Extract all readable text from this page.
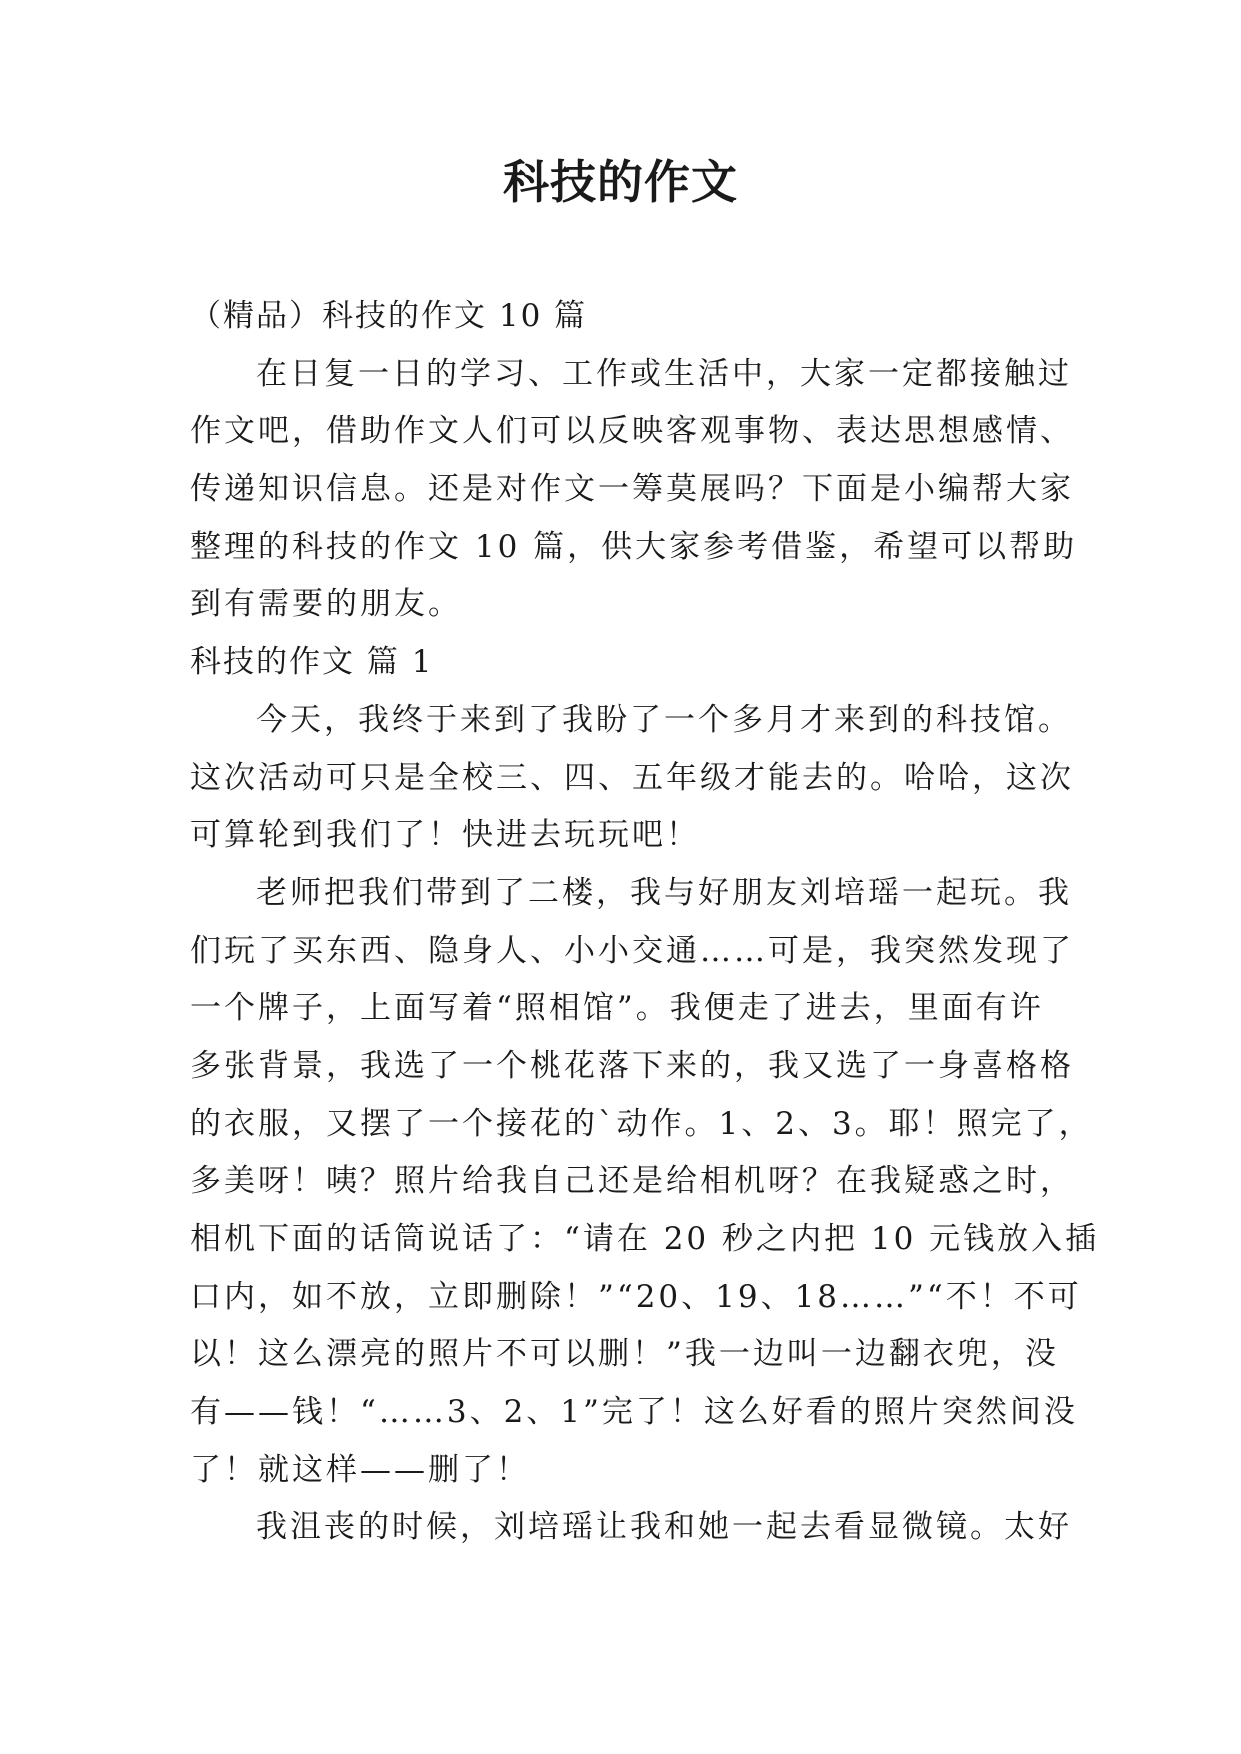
科技的作文
（精品）科技的作文 10 篇
在日复一日的学习、工作或生活中，大家一定都接触过
作文吧，借助作文人们可以反映客观事物、表达思想感情、
传递知识信息。还是对作文一筹莫展吗？下面是小编帮大家
整理的科技的作文 10 篇，供大家参考借鉴，希望可以帮助
到有需要的朋友。
科技的作文 篇 1
今天，我终于来到了我盼了一个多月才来到的科技馆。
这次活动可只是全校三、四、五年级才能去的。哈哈，这次
可算轮到我们了！快进去玩玩吧！
老师把我们带到了二楼，我与好朋友刘培瑶一起玩。我
们玩了买东西、隐身人、小小交通……可是，我突然发现了
一个牌子，上面写着“照相馆”。我便走了进去，里面有许
多张背景，我选了一个桃花落下来的，我又选了一身喜格格
的衣服，又摆了一个接花的`动作。1、2、3。耶！照完了，
多美呀！咦？照片给我自己还是给相机呀？在我疑惑之时，
相机下面的话筒说话了：“请在 20 秒之内把 10 元钱放入插
口内，如不放，立即删除！”“20、19、18……”“不！不可
以！这么漂亮的照片不可以删！”我一边叫一边翻衣兜，没
有——钱！“……3、2、1”完了！这么好看的照片突然间没
了！就这样——删了！
我沮丧的时候，刘培瑶让我和她一起去看显微镜。太好
